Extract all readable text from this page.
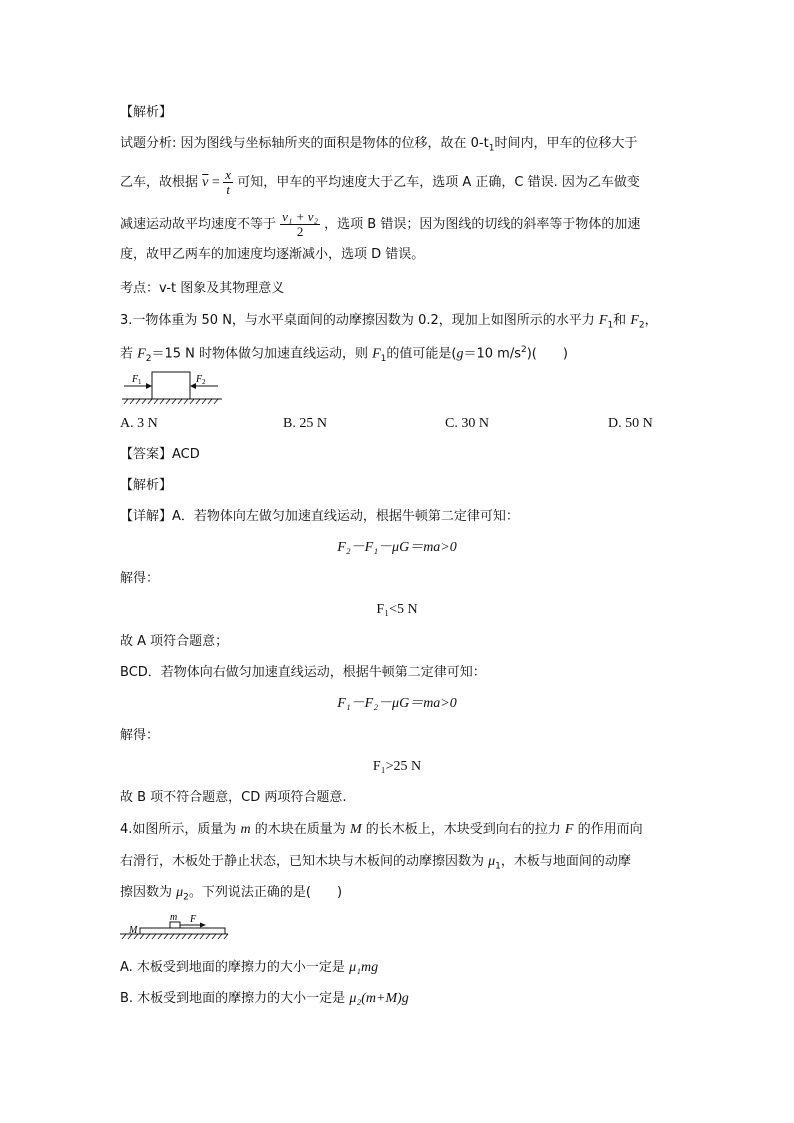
【解析】
试题分析: 因为图线与坐标轴所夹的面积是物体的位移，故在 $0-t_1$时间内，甲车的位移大于
乙车，故根据 $\overline{v} = \frac{x}{t}$ 可知，甲车的平均速度大于乙车，选项 A 正确，C 错误. 因为乙车做变
减速运动故平均速度不等于 $\frac{\text{v₁ + v₂}}{2}$ ，选项 B 错误；因为图线的切线的斜率等于物体的加速
度，故甲乙两车的加速度均逐渐减小，选项 D 错误。
考点：v-t 图象及其物理意义
3.一物体重为 50 N，与水平桌面间的动摩擦因数为 0.2，现加上如图所示的水平力 $F_1$和 $F_2$，
若 $F_2=15$ N 时物体做匀加速直线运动，则 $F_1$的值可能是(g＝10 $m/s^2$)(　　)
F 1	F 2
A. 3 N	B. 25 N	C. 30 N	D. 50 N
【答案】ACD
【解析】
【详解】A．若物体向左做匀加速直线运动，根据牛顿第二定律可知：
F₂－F₁－μG＝ma>0
解得：
F₁<5 N
故 A 项符合题意；
BCD．若物体向右做匀加速直线运动，根据牛顿第二定律可知：
F₁－F₂－μG＝ma>0
解得：
F₁>25 N
故 B 项不符合题意，CD 两项符合题意.
4.如图所示，质量为 m 的木块在质量为 M 的长木板上，木块受到向右的拉力 F 的作用而向
右滑行，木板处于静止状态，已知木块与木板间的动摩擦因数为 $\mu_1$，木板与地面间的动摩
擦因数为 $\mu_2$。下列说法正确的是(　　)
m F
M
A. 木板受到地面的摩擦力的大小一定是 μ₁mg
B. 木板受到地面的摩擦力的大小一定是 μ₂(m+M)g
